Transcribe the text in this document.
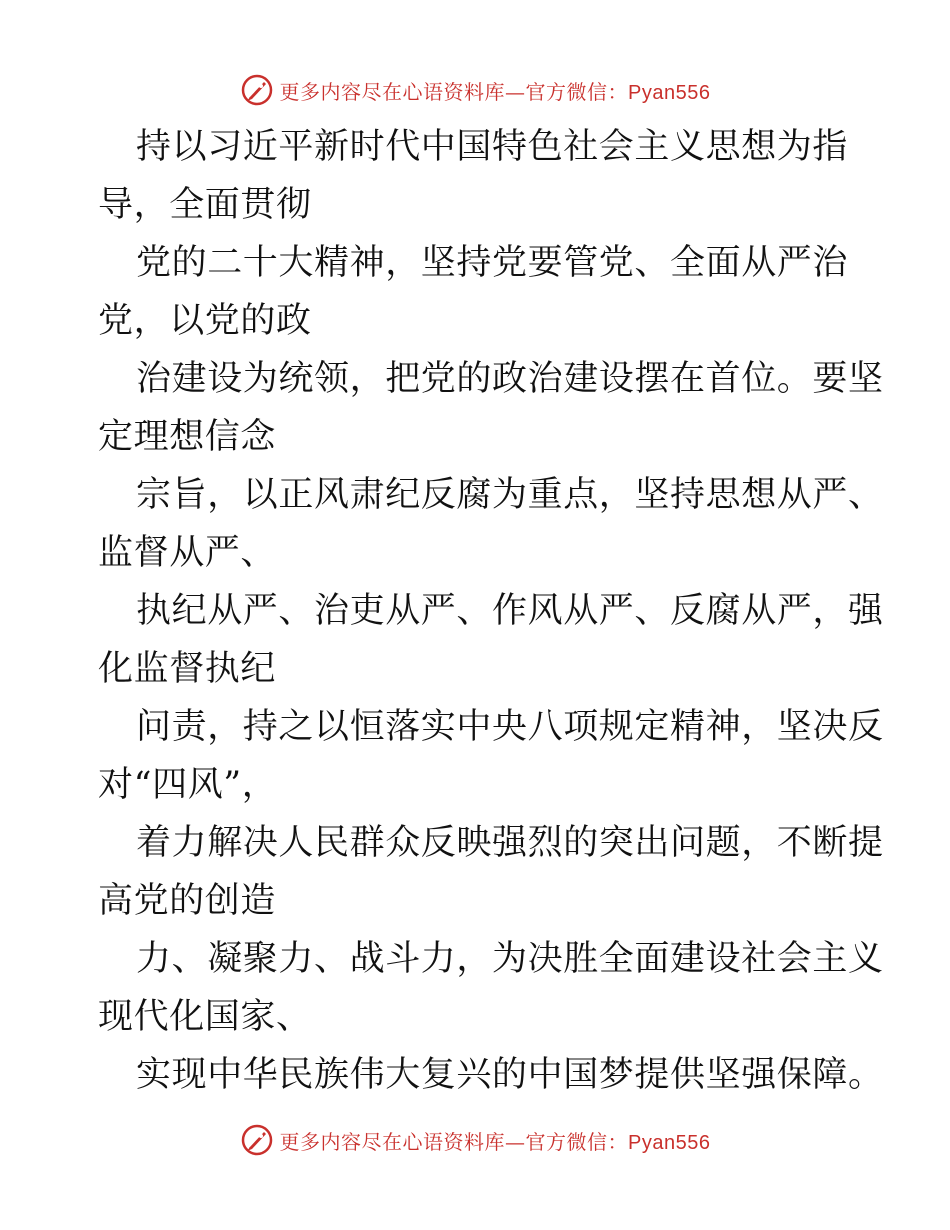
更多内容尽在心语资料库—官方微信：Pyan556
持以习近平新时代中国特色社会主义思想为指
导，全面贯彻
党的二十大精神，坚持党要管党、全面从严治
党，以党的政
治建设为统领，把党的政治建设摆在首位。要坚
定理想信念
宗旨，以正风肃纪反腐为重点，坚持思想从严、
监督从严、
执纪从严、治吏从严、作风从严、反腐从严，强
化监督执纪
问责，持之以恒落实中央八项规定精神，坚决反
对“四风”，
着力解决人民群众反映强烈的突出问题，不断提
高党的创造
力、凝聚力、战斗力，为决胜全面建设社会主义
现代化国家、
实现中华民族伟大复兴的中国梦提供坚强保障。
更多内容尽在心语资料库—官方微信：Pyan556
